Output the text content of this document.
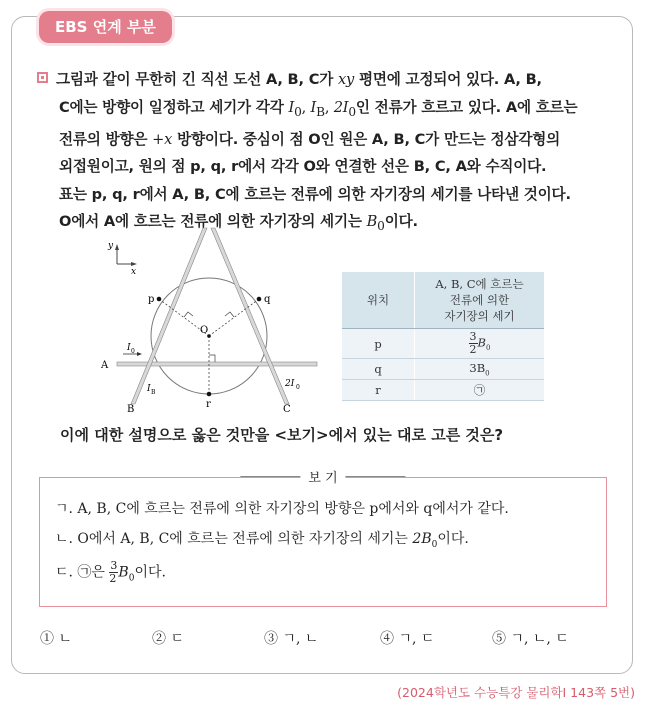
EBS 연계 부분
그림과 같이 무한히 긴 직선 도선 A, B, C가 xy 평면에 고정되어 있다. A, B,
C에는 방향이 일정하고 세기가 각각 $I_0$, $I_B$, $2I_0$인 전류가 흐르고 있다. A에 흐르는
전류의 방향은 +x 방향이다. 중심이 점 O인 원은 A, B, C가 만드는 정삼각형의
외접원이고, 원의 점 p, q, r에서 각각 O와 연결한 선은 B, C, A와 수직이다.
표는 p, q, r에서 A, B, C에 흐르는 전류에 의한 자기장의 세기를 나타낸 것이다.
O에서 A에 흐르는 전류에 의한 자기장의 세기는 $B_0$이다.
y
x
p	q
r
O
A
B	C
I 0
I B
2I 0
위치	A, B, C에 흐르는
전류에 의한
자기장의 세기

p	$\frac{3}{2} B_0$
q	$3B_0$
r	㉠
이에 대한 설명으로 옳은 것만을 <보기>에서 있는 대로 고른 것은?
보 기
ㄱ. A, B, C에 흐르는 전류에 의한 자기장의 방향은 p에서와 q에서가 같다.
ㄴ. O에서 A, B, C에 흐르는 전류에 의한 자기장의 세기는 $2B_0$이다.
ㄷ. ㉠은 $\frac{3}{2} B_0$이다.
① ㄴ	② ㄷ	③ ㄱ, ㄴ	④ ㄱ, ㄷ	⑤ ㄱ, ㄴ, ㄷ
(2024학년도 수능특강 물리학Ⅰ 143쪽 5번)
